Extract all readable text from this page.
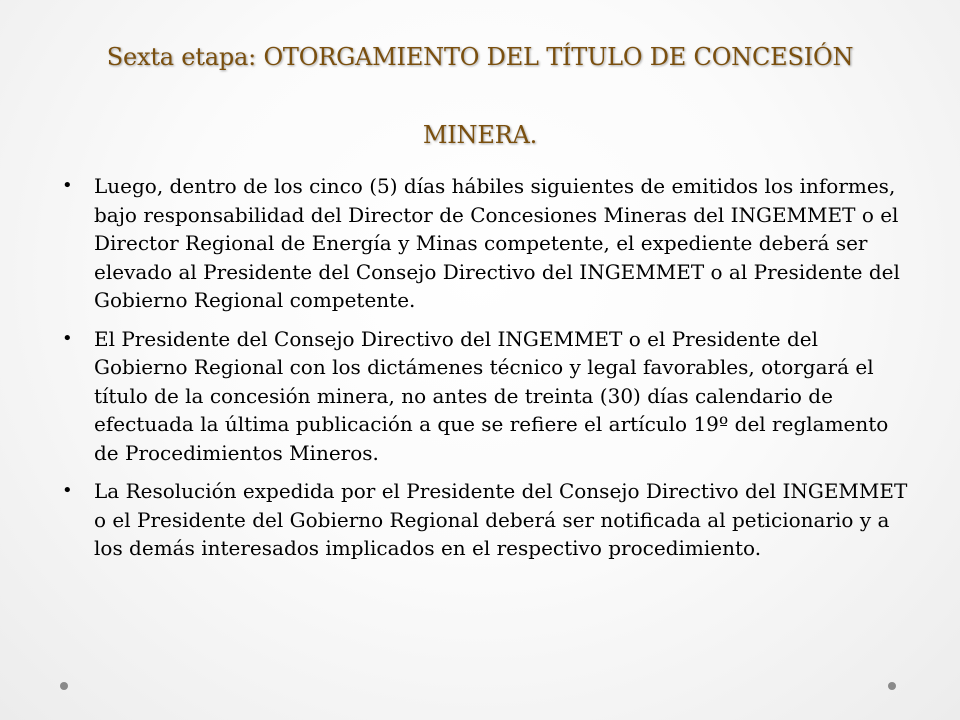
Sexta etapa: OTORGAMIENTO DEL TÍTULO DE CONCESIÓN
MINERA.
•	Luego, dentro de los cinco (5) días hábiles siguientes de emitidos los informes, bajo responsabilidad del Director de Concesiones Mineras del INGEMMET o el Director Regional de Energía y Minas competente, el expediente deberá ser elevado al Presidente del Consejo Directivo del INGEMMET o al Presidente del Gobierno Regional competente.
•	El Presidente del Consejo Directivo del INGEMMET o el Presidente del Gobierno Regional con los dictámenes técnico y legal favorables, otorgará el título de la concesión minera, no antes de treinta (30) días calendario de efectuada la última publicación a que se refiere el artículo 19º del reglamento de Procedimientos Mineros.
•	La Resolución expedida por el Presidente del Consejo Directivo del INGEMMET o el Presidente del Gobierno Regional deberá ser notificada al peticionario y a los demás interesados implicados en el respectivo procedimiento.
